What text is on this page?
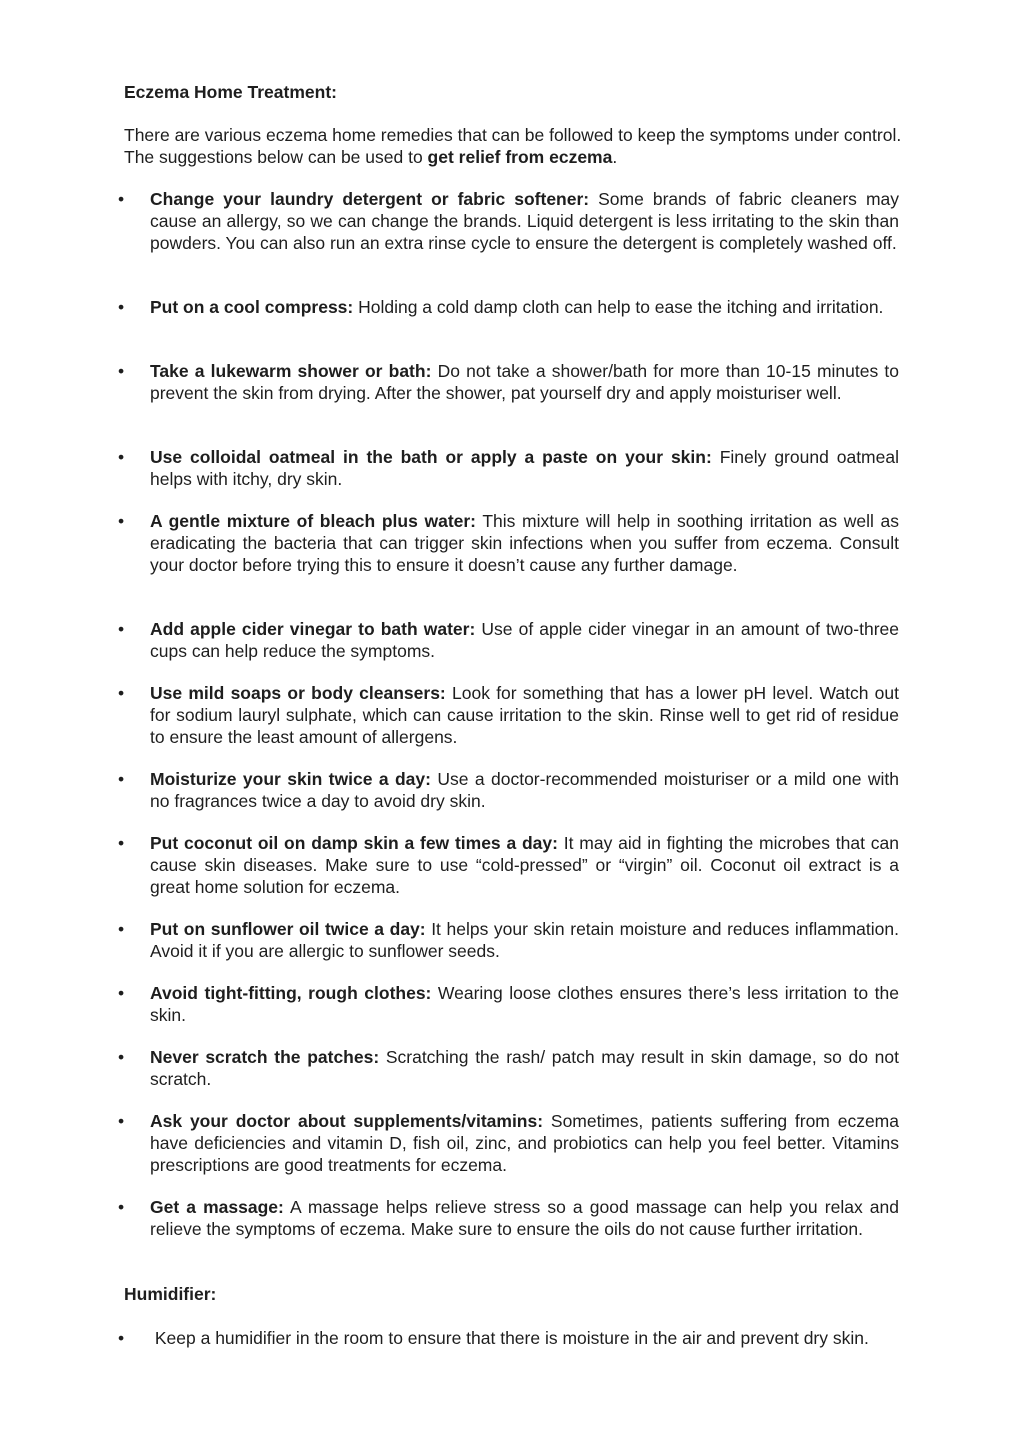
Eczema Home Treatment:

There are various eczema home remedies that can be followed to keep the symptoms under control. The suggestions below can be used to get relief from eczema.

• Change your laundry detergent or fabric softener: Some brands of fabric cleaners may cause an allergy, so we can change the brands. Liquid detergent is less irritating to the skin than powders. You can also run an extra rinse cycle to ensure the detergent is completely washed off.
• Put on a cool compress: Holding a cold damp cloth can help to ease the itching and irritation.
• Take a lukewarm shower or bath: Do not take a shower/bath for more than 10-15 minutes to prevent the skin from drying. After the shower, pat yourself dry and apply moisturiser well.
• Use colloidal oatmeal in the bath or apply a paste on your skin: Finely ground oatmeal helps with itchy, dry skin.
• A gentle mixture of bleach plus water: This mixture will help in soothing irritation as well as eradicating the bacteria that can trigger skin infections when you suffer from eczema. Consult your doctor before trying this to ensure it doesn’t cause any further damage.
• Add apple cider vinegar to bath water: Use of apple cider vinegar in an amount of two-three cups can help reduce the symptoms.
• Use mild soaps or body cleansers: Look for something that has a lower pH level. Watch out for sodium lauryl sulphate, which can cause irritation to the skin. Rinse well to get rid of residue to ensure the least amount of allergens.
• Moisturize your skin twice a day: Use a doctor-recommended moisturiser or a mild one with no fragrances twice a day to avoid dry skin.
• Put coconut oil on damp skin a few times a day: It may aid in fighting the microbes that can cause skin diseases. Make sure to use “cold-pressed” or “virgin” oil. Coconut oil extract is a great home solution for eczema.
• Put on sunflower oil twice a day: It helps your skin retain moisture and reduces inflammation. Avoid it if you are allergic to sunflower seeds.
• Avoid tight-fitting, rough clothes: Wearing loose clothes ensures there’s less irritation to the skin.
• Never scratch the patches: Scratching the rash/ patch may result in skin damage, so do not scratch.
• Ask your doctor about supplements/vitamins: Sometimes, patients suffering from eczema have deficiencies and vitamin D, fish oil, zinc, and probiotics can help you feel better. Vitamins prescriptions are good treatments for eczema.
• Get a massage: A massage helps relieve stress so a good massage can help you relax and relieve the symptoms of eczema. Make sure to ensure the oils do not cause further irritation.
Humidifier:
• Keep a humidifier in the room to ensure that there is moisture in the air and prevent dry skin.
